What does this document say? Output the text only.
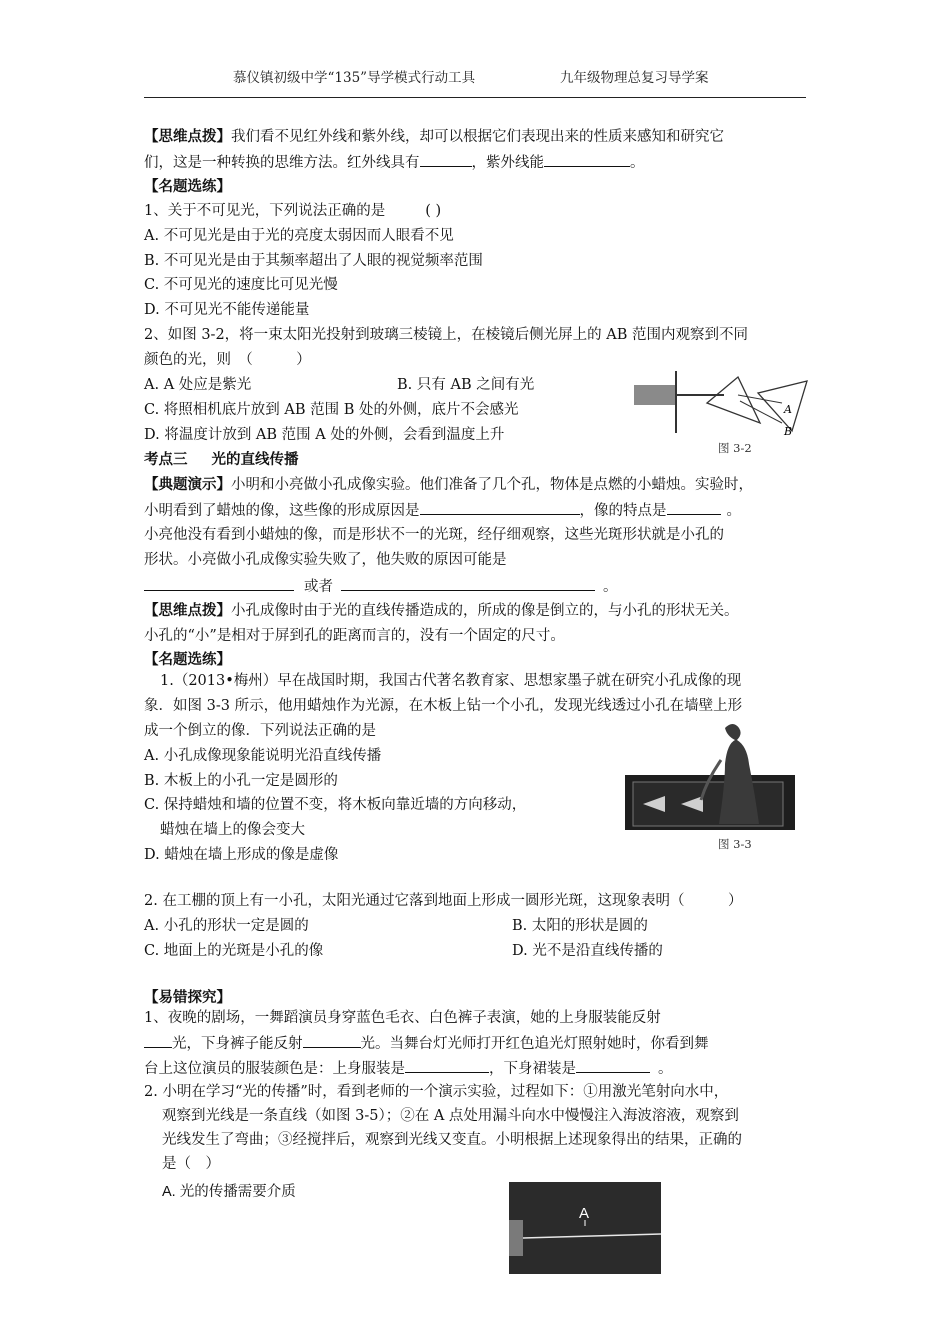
慕仪镇初级中学“135”导学模式行动工具	九年级物理总复习导学案
【思维点拨】我们看不见红外线和紫外线，却可以根据它们表现出来的性质来感知和研究它
们，这是一种转换的思维方法。红外线具有	，紫外线能	。
【名题选练】
1、关于不可见光，下列说法正确的是	( )
A. 不可见光是由于光的亮度太弱因而人眼看不见
B. 不可见光是由于其频率超出了人眼的视觉频率范围
C. 不可见光的速度比可见光慢
D. 不可见光不能传递能量
2、如图 3-2，将一束太阳光投射到玻璃三棱镜上，在棱镜后侧光屏上的 AB 范围内观察到不同
颜色的光，则　（　　　）
A. A 处应是紫光	B. 只有 AB 之间有光
C. 将照相机底片放到 AB 范围 B 处的外侧，底片不会感光
D. 将温度计放到 AB 范围 A 处的外侧，会看到温度上升
A
B
图 3-2
考点三 光的直线传播
【典题演示】小明和小亮做小孔成像实验。他们准备了几个孔，物体是点燃的小蜡烛。实验时，
小明看到了蜡烛的像，这些像的形成原因是	，像的特点是	。
小亮他没有看到小蜡烛的像，而是形状不一的光斑，经仔细观察，这些光斑形状就是小孔的
形状。小亮做小孔成像实验失败了，他失败的原因可能是
或者	。
【思维点拨】小孔成像时由于光的直线传播造成的，所成的像是倒立的，与小孔的形状无关。
小孔的“小”是相对于屏到孔的距离而言的，没有一个固定的尺寸。
【名题选练】
1.（2013•梅州）早在战国时期，我国古代著名教育家、思想家墨子就在研究小孔成像的现
象．如图 3-3 所示，他用蜡烛作为光源，在木板上钻一个小孔，发现光线透过小孔在墙壁上形
成一个倒立的像．下列说法正确的是
A. 小孔成像现象能说明光沿直线传播
B. 木板上的小孔一定是圆形的
C. 保持蜡烛和墙的位置不变，将木板向靠近墙的方向移动，
蜡烛在墙上的像会变大
D. 蜡烛在墙上形成的像是虚像
图 3-3
2. 在工棚的顶上有一小孔，太阳光通过它落到地面上形成一圆形光斑，这现象表明（　　　）
A. 小孔的形状一定是圆的	B. 太阳的形状是圆的
C. 地面上的光斑是小孔的像	D. 光不是沿直线传播的
【易错探究】
1、夜晚的剧场，一舞蹈演员身穿蓝色毛衣、白色裤子表演，她的上身服装能反射
光，下身裤子能反射	光。当舞台灯光师打开红色追光灯照射她时，你看到舞
台上这位演员的服装颜色是：上身服装是	，下身裙装是	。
2. 小明在学习“光的传播”时，看到老师的一个演示实验，过程如下：①用激光笔射向水中，
观察到光线是一条直线（如图 3-5）；②在 A 点处用漏斗向水中慢慢注入海波溶液，观察到
光线发生了弯曲；③经搅拌后，观察到光线又变直。小明根据上述现象得出的结果，正确的
是（　）
A. 光的传播需要介质
A
